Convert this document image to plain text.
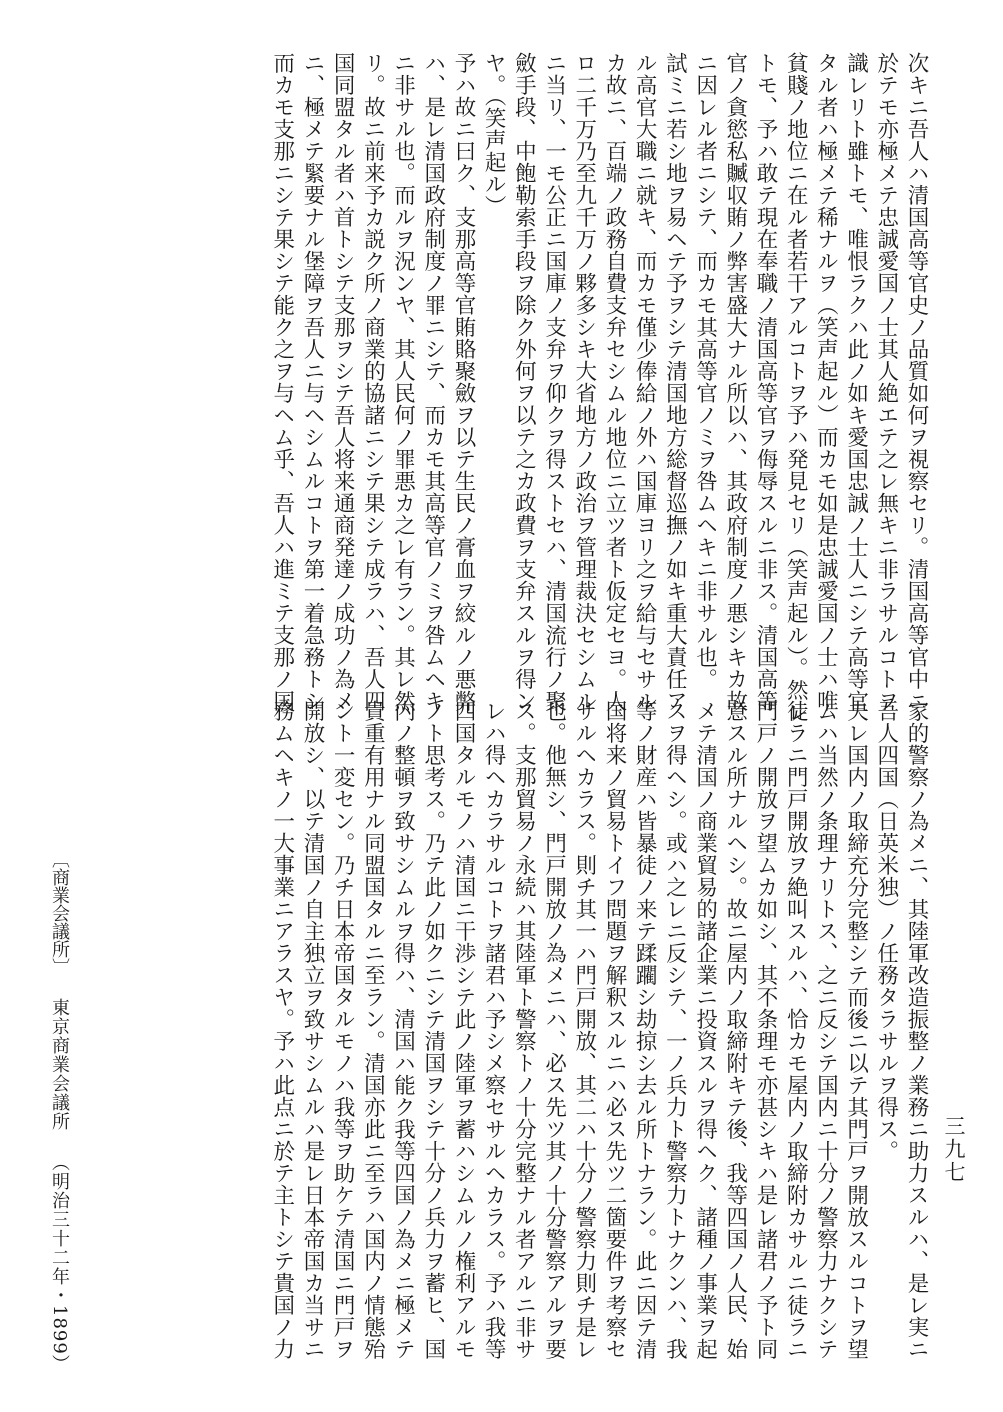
次キニ吾人ハ清国高等官史ノ品質如何ヲ視察セリ。清国高等官中ニ
於テモ亦極メテ忠誠愛国ノ士其人絶エテ之レ無キニ非ラサルコトヲ
識レリト雖トモ、唯恨ラクハ此ノ如キ愛国忠誠ノ士人ニシテ高等官
タル者ハ極メテ稀ナルヲ（笑声起ル）而カモ如是忠誠愛国ノ士ハ唯
貧賤ノ地位ニ在ル者若干アルコトヲ予ハ発見セリ（笑声起ル）。然レ
トモ、予ハ敢テ現在奉職ノ清国高等官ヲ侮辱スルニ非ス。清国高等
官ノ貪慾私贓収賄ノ弊害盛大ナル所以ハ、其政府制度ノ悪シキカ故
ニ因レル者ニシテ、而カモ其高等官ノミヲ咎ムヘキニ非サル也。
試ミニ若シ地ヲ易ヘテ予ヲシテ清国地方総督巡撫ノ如キ重大責任ア
ル高官大職ニ就キ、而カモ僅少俸給ノ外ハ国庫ヨリ之ヲ給与セサル
カ故ニ、百端ノ政務自費支弁セシムル地位ニ立ツ者ト仮定セヨ。人
ロ二千万乃至九千万ノ夥多シキ大省地方ノ政治ヲ管理裁決セシムル
ニ当リ、一モ公正ニ国庫ノ支弁ヲ仰クヲ得ストセハ、清国流行ノ聚
斂手段、中飽勒索手段ヲ除ク外何ヲ以テ之カ政費ヲ支弁スルヲ得ン
ヤ。（笑声起ル）
予ハ故ニ曰ク、支那高等官賄賂聚斂ヲ以テ生民ノ膏血ヲ絞ルノ悪弊
ハ、是レ清国政府制度ノ罪ニシテ、而カモ其高等官ノミヲ咎ムヘキ
ニ非サル也。而ルヲ況ンヤ、其人民何ノ罪悪カ之レ有ラン。其レ然
リ。故ニ前来予カ説ク所ノ商業的協諸ニシテ果シテ成ラハ、吾人四
国同盟タル者ハ首トシテ支那ヲシテ吾人将来通商発達ノ成功ノ為メ
ニ、極メテ緊要ナル堡障ヲ吾人ニ与ヘシムルコトヲ第一着急務トシ
而カモ支那ニシテ果シテ能ク之ヲ与ヘム乎、吾人ハ進ミテ支那ノ国
家的警察ノ為メニ、其陸軍改造振整ノ業務ニ助力スルハ、是レ実ニ
吾人四国（日英米独）ノ任務タラサルヲ得ス。
夫レ国内ノ取締充分完整シテ而後ニ以テ其門戸ヲ開放スルコトヲ望
ムハ当然ノ条理ナリトス、之ニ反シテ国内ニ十分ノ警察力ナクシテ
徒ラニ門戸開放ヲ絶叫スルハ、恰カモ屋内ノ取締附カサルニ徒ラニ
門戸ノ開放ヲ望ムカ如シ、其不条理モ亦甚シキハ是レ諸君ノ予ト同
意スル所ナルヘシ。故ニ屋内ノ取締附キテ後、我等四国ノ人民、始
メテ清国ノ商業貿易的諸企業ニ投資スルヲ得ヘク、諸種ノ事業ヲ起
スヲ得ヘシ。或ハ之レニ反シテ、一ノ兵力ト警察力トナクンハ、我
等ノ財産ハ皆暴徒ノ来テ蹂躙シ劫掠シ去ル所トナラン。此ニ因テ清
国将来ノ貿易トイフ問題ヲ解釈スルニハ必ス先ツ二箇要件ヲ考察セ
サルヘカラス。則チ其一ハ門戸開放、其二ハ十分ノ警察力則チ是レ
也。他無シ、門戸開放ノ為メニハ、必ス先ツ其ノ十分警察アルヲ要
ス。支那貿易ノ永続ハ其陸軍ト警察トノ十分完整ナル者アルニ非サ
レハ得ヘカラサルコトヲ諸君ハ予シメ察セサルヘカラス。予ハ我等
四国タルモノハ清国ニ干渉シテ此ノ陸軍ヲ蓄ハシムルノ権利アルモ
ノト思考ス。乃テ此ノ如クニシテ清国ヲシテ十分ノ兵力ヲ蓄ヒ、国
内ノ整頓ヲ致サシムルヲ得ハ、清国ハ能ク我等四国ノ為メニ極メテ
貴重有用ナル同盟国タルニ至ラン。清国亦此ニ至ラハ国内ノ情態殆
ント一変セン。乃チ日本帝国タルモノハ我等ヲ助ケテ清国ニ門戸ヲ
開放シ、以テ清国ノ自主独立ヲ致サシムルハ是レ日本帝国カ当サニ
務ムヘキノ一大事業ニアラスヤ。予ハ此点ニ於テ主トシテ貴国ノ力	三九七
〔商業会議所〕東京商業会議所（明治三十二年・1899）
